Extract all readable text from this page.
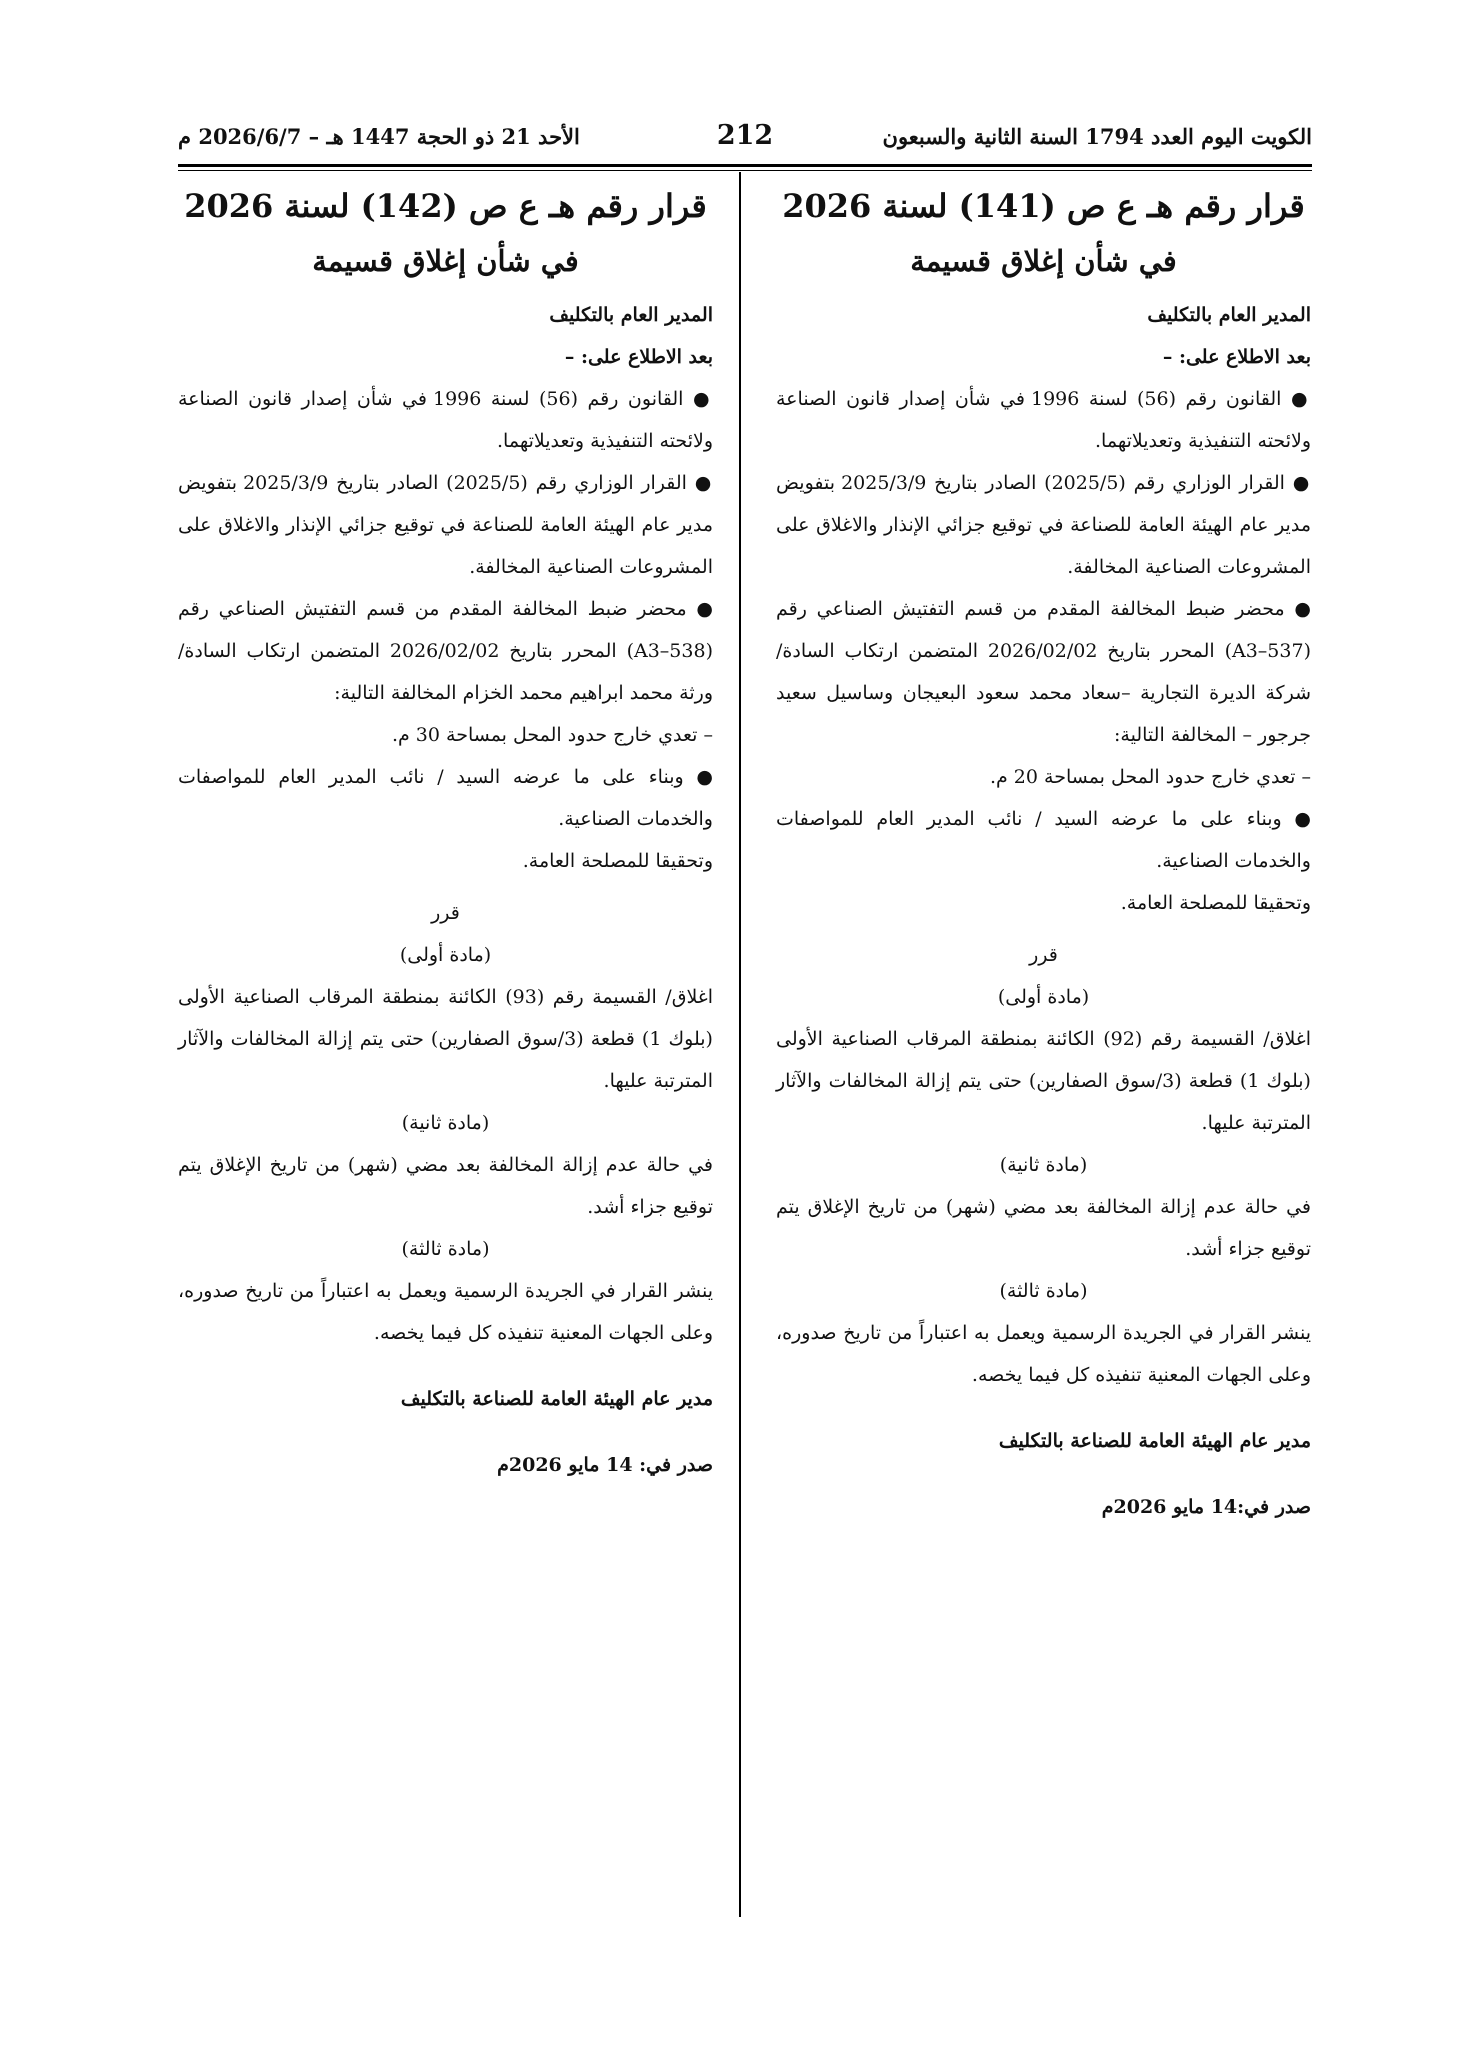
الكويت اليوم العدد 1794 السنة الثانية والسبعون
212
الأحد 21 ذو الحجة 1447 هـ – 2026/6/7 م

قرار رقم هـ ع ص (141) لسنة 2026

في شأن إغلاق قسيمة

المدير العام بالتكليف

بعد الاطلاع على: –

● القانون رقم (56) لسنة 1996 في شأن إصدار قانون الصناعة ولائحته التنفيذية وتعديلاتهما.

● القرار الوزاري رقم (2025/5) الصادر بتاريخ 2025/3/9 بتفويض مدير عام الهيئة العامة للصناعة في توقيع جزائي الإنذار والاغلاق على المشروعات الصناعية المخالفة.

● محضر ضبط المخالفة المقدم من قسم التفتيش الصناعي رقم (A3–537) المحرر بتاريخ 2026/02/02 المتضمن ارتكاب السادة/ شركة الديرة التجارية –سعاد محمد سعود البعيجان وساسيل سعيد جرجور – المخالفة التالية:

– تعدي خارج حدود المحل بمساحة 20 م.

● وبناء على ما عرضه السيد / نائب المدير العام للمواصفات والخدمات الصناعية.

وتحقيقا للمصلحة العامة.

قرر

(مادة أولى)

اغلاق/ القسيمة رقم (92) الكائنة بمنطقة المرقاب الصناعية الأولى (بلوك 1) قطعة (3/سوق الصفارين) حتى يتم إزالة المخالفات والآثار المترتبة عليها.

(مادة ثانية)

في حالة عدم إزالة المخالفة بعد مضي (شهر) من تاريخ الإغلاق يتم توقيع جزاء أشد.

(مادة ثالثة)

ينشر القرار في الجريدة الرسمية ويعمل به اعتباراً من تاريخ صدوره، وعلى الجهات المعنية تنفيذه كل فيما يخصه.

مدير عام الهيئة العامة للصناعة بالتكليف

صدر في:14 مايو 2026م

قرار رقم هـ ع ص (142) لسنة 2026

في شأن إغلاق قسيمة

المدير العام بالتكليف

بعد الاطلاع على: –

● القانون رقم (56) لسنة 1996 في شأن إصدار قانون الصناعة ولائحته التنفيذية وتعديلاتهما.

● القرار الوزاري رقم (2025/5) الصادر بتاريخ 2025/3/9 بتفويض مدير عام الهيئة العامة للصناعة في توقيع جزائي الإنذار والاغلاق على المشروعات الصناعية المخالفة.

● محضر ضبط المخالفة المقدم من قسم التفتيش الصناعي رقم (A3–538) المحرر بتاريخ 2026/02/02 المتضمن ارتكاب السادة/ ورثة محمد ابراهيم محمد الخزام المخالفة التالية:

– تعدي خارج حدود المحل بمساحة 30 م.

● وبناء على ما عرضه السيد / نائب المدير العام للمواصفات والخدمات الصناعية.

وتحقيقا للمصلحة العامة.

قرر

(مادة أولى)

اغلاق/ القسيمة رقم (93) الكائنة بمنطقة المرقاب الصناعية الأولى (بلوك 1) قطعة (3/سوق الصفارين) حتى يتم إزالة المخالفات والآثار المترتبة عليها.

(مادة ثانية)

في حالة عدم إزالة المخالفة بعد مضي (شهر) من تاريخ الإغلاق يتم توقيع جزاء أشد.

(مادة ثالثة)

ينشر القرار في الجريدة الرسمية ويعمل به اعتباراً من تاريخ صدوره، وعلى الجهات المعنية تنفيذه كل فيما يخصه.

مدير عام الهيئة العامة للصناعة بالتكليف

صدر في: 14 مايو 2026م
